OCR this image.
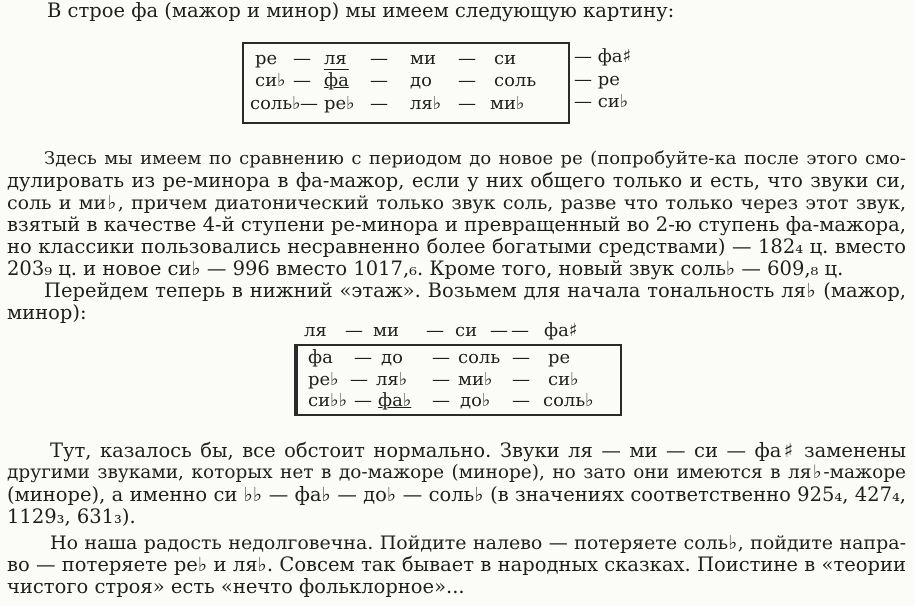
В строе фа (мажор и минор) мы имеем следующую картину:
ре — ля — ми — си
си♭ — фа — до — соль
соль♭ — ре♭ — ля♭ — ми♭
— фа♯
— ре
— си♭
Здесь мы имеем по сравнению с периодом до новое ре (попробуйте-ка после этого смо-
дулировать из ре-минора в фа-мажор, если у них общего только и есть, что звуки си,
соль и ми♭, причем диатонический только звук соль, разве что только через этот звук,
взятый в качестве 4-й ступени ре-минора и превращенный во 2-ю ступень фа-мажора,
но классики пользовались несравненно более богатыми средствами) — 182₄ ц. вместо
203₉ ц. и новое си♭ — 996 вместо 1017,₆. Кроме того, новый звук соль♭ — 609,₈ ц.
Перейдем теперь в нижний «этаж». Возьмем для начала тональность ля♭ (мажор,
минор):
ля — ми — си — — фа♯
фа — до — соль — ре
ре♭ — ля♭ — ми♭ — си♭
си♭♭ — фа♭ — до♭ — соль♭
Тут, казалось бы, все обстоит нормально. Звуки ля — ми — си — фа♯ заменены
другими звуками, которых нет в до-мажоре (миноре), но зато они имеются в ля♭-мажоре
(миноре), а именно си ♭♭ — фа♭ — до♭ — соль♭ (в значениях соответственно 925₄, 427₄,
1129₃, 631₃).
Но наша радость недолговечна. Пойдите налево — потеряете соль♭, пойдите напра-
во — потеряете ре♭ и ля♭. Совсем так бывает в народных сказках. Поистине в «теории
чистого строя» есть «нечто фольклорное»...
